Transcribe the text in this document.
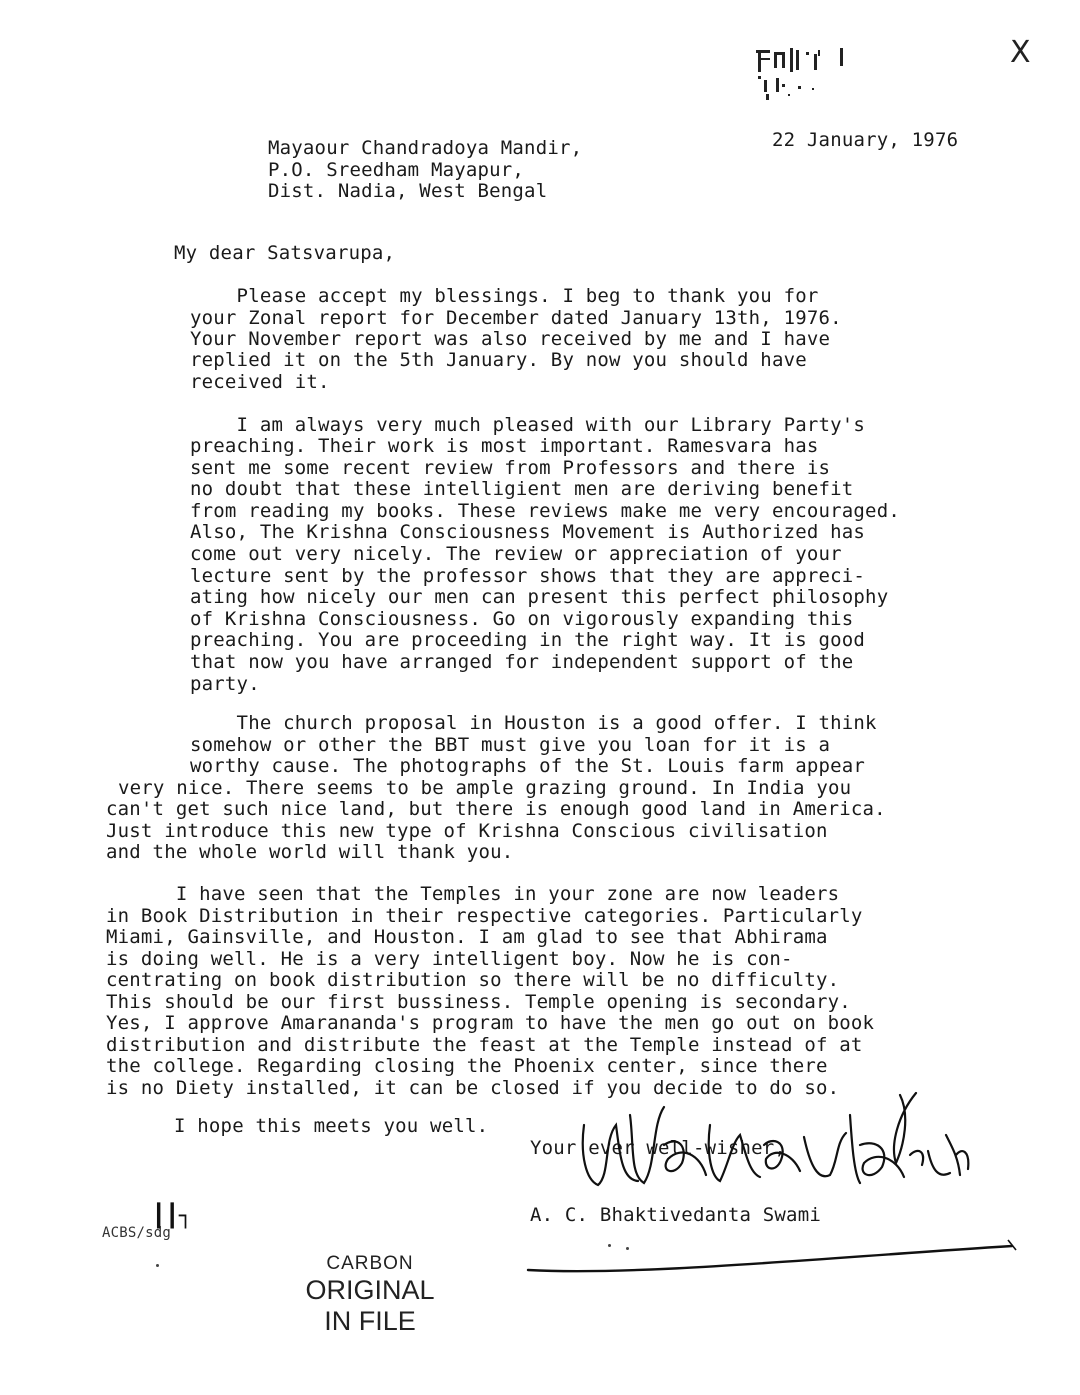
X
22 January, 1976
Mayaour Chandradoya Mandir,
P.O. Sreedham Mayapur,
Dist. Nadia, West Bengal
My dear Satsvarupa,
Please accept my blessings. I beg to thank you for
your Zonal report for December dated January 13th, 1976.
Your November report was also received by me and I have
replied it on the 5th January. By now you should have
received it.
I am always very much pleased with our Library Party's
preaching. Their work is most important. Ramesvara has
sent me some recent review from Professors and there is
no doubt that these intelligient men are deriving benefit
from reading my books. These reviews make me very encouraged.
Also, The Krishna Consciousness Movement is Authorized has
come out very nicely. The review or appreciation of your
lecture sent by the professor shows that they are appreci-
ating how nicely our men can present this perfect philosophy
of Krishna Consciousness. Go on vigorously expanding this
preaching. You are proceeding in the right way. It is good
that now you have arranged for independent support of the
party.
The church proposal in Houston is a good offer. I think
somehow or other the BBT must give you loan for it is a
worthy cause. The photographs of the St. Louis farm appear
very nice. There seems to be ample grazing ground. In India you
can't get such nice land, but there is enough good land in America.
Just introduce this new type of Krishna Conscious civilisation
and the whole world will thank you.
I have seen that the Temples in your zone are now leaders
in Book Distribution in their respective categories. Particularly
Miami, Gainsville, and Houston. I am glad to see that Abhirama
is doing well. He is a very intelligent boy. Now he is con-
centrating on book distribution so there will be no difficulty.
This should be our first bussiness. Temple opening is secondary.
Yes, I approve Amarananda's program to have the men go out on book
distribution and distribute the feast at the Temple instead of at
the college. Regarding closing the Phoenix center, since there
is no Diety installed, it can be closed if you decide to do so.
I hope this meets you well.
Your ever well-wisher,
A. C. Bhaktivedanta Swami
ACBS/sdg
┃┃┐
CARBON
ORIGINAL
IN FILE
